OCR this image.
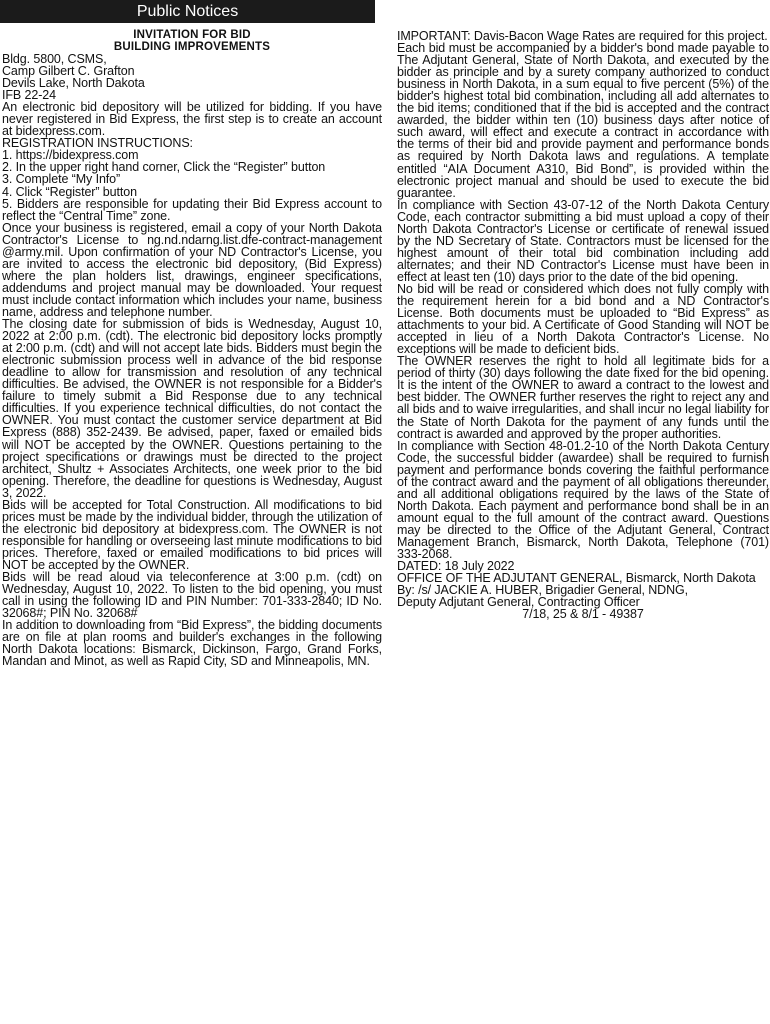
Public Notices
INVITATION FOR BID
BUILDING IMPROVEMENTS

Bldg. 5800, CSMS,

Camp Gilbert C. Grafton

Devils Lake, North Dakota

IFB 22-24

An electronic bid depository will be utilized for bidding. If you have never registered in Bid Express, the first step is to create an account at bidexpress.com.

REGISTRATION INSTRUCTIONS:

1. https://bidexpress.com

2. In the upper right hand corner, Click the “Register” button

3. Complete “My Info”

4. Click “Register” button

5. Bidders are responsible for updating their Bid Express account to reflect the “Central Time” zone.

Once your business is registered, email a copy of your North Dakota Contractor's License to ng.nd.ndarng.list.dfe-contract-management @army.mil. Upon confirmation of your ND Contractor's License, you are invited to access the electronic bid depository, (Bid Express) where the plan holders list, drawings, engineer specifications, addendums and project manual may be downloaded. Your request must include contact information which includes your name, business name, address and telephone number.

The closing date for submission of bids is Wednesday, August 10, 2022 at 2:00 p.m. (cdt). The electronic bid depository locks promptly at 2:00 p.m. (cdt) and will not accept late bids. Bidders must begin the electronic submission process well in advance of the bid response deadline to allow for transmission and resolution of any technical difficulties. Be advised, the OWNER is not responsible for a Bidder's failure to timely submit a Bid Response due to any technical difficulties. If you experience technical difficulties, do not contact the OWNER. You must contact the customer service department at Bid Express (888) 352-2439. Be advised, paper, faxed or emailed bids will NOT be accepted by the OWNER. Questions pertaining to the project specifications or drawings must be directed to the project architect, Shultz + Associates Architects, one week prior to the bid opening. Therefore, the deadline for questions is Wednesday, August 3, 2022.

Bids will be accepted for Total Construction. All modifications to bid prices must be made by the individual bidder, through the utilization of the electronic bid depository at bidexpress.com. The OWNER is not responsible for handling or overseeing last minute modifications to bid prices. Therefore, faxed or emailed modifications to bid prices will NOT be accepted by the OWNER.

Bids will be read aloud via teleconference at 3:00 p.m. (cdt) on Wednesday, August 10, 2022. To listen to the bid opening, you must call in using the following ID and PIN Number: 701-333-2840; ID No. 32068#; PIN No. 32068#

In addition to downloading from “Bid Express”, the bidding documents are on file at plan rooms and builder's exchanges in the following North Dakota locations: Bismarck, Dickinson, Fargo, Grand Forks, Mandan and Minot, as well as Rapid City, SD and Minneapolis, MN.

IMPORTANT: Davis-Bacon Wage Rates are required for this project.

Each bid must be accompanied by a bidder's bond made payable to The Adjutant General, State of North Dakota, and executed by the bidder as principle and by a surety company authorized to conduct business in North Dakota, in a sum equal to five percent (5%) of the bidder's highest total bid combination, including all add alternates to the bid items; conditioned that if the bid is accepted and the contract awarded, the bidder within ten (10) business days after notice of such award, will effect and execute a contract in accordance with the terms of their bid and provide payment and performance bonds as required by North Dakota laws and regulations. A template entitled “AIA Document A310, Bid Bond”, is provided within the electronic project manual and should be used to execute the bid guarantee.

In compliance with Section 43-07-12 of the North Dakota Century Code, each contractor submitting a bid must upload a copy of their North Dakota Contractor's License or certificate of renewal issued by the ND Secretary of State. Contractors must be licensed for the highest amount of their total bid combination including add alternates; and their ND Contractor's License must have been in effect at least ten (10) days prior to the date of the bid opening.

No bid will be read or considered which does not fully comply with the requirement herein for a bid bond and a ND Contractor's License. Both documents must be uploaded to “Bid Express” as attachments to your bid. A Certificate of Good Standing will NOT be accepted in lieu of a North Dakota Contractor's License. No exceptions will be made to deficient bids.

The OWNER reserves the right to hold all legitimate bids for a period of thirty (30) days following the date fixed for the bid opening. It is the intent of the OWNER to award a contract to the lowest and best bidder. The OWNER further reserves the right to reject any and all bids and to waive irregularities, and shall incur no legal liability for the State of North Dakota for the payment of any funds until the contract is awarded and approved by the proper authorities.

In compliance with Section 48-01.2-10 of the North Dakota Century Code, the successful bidder (awardee) shall be required to furnish payment and performance bonds covering the faithful performance of the contract award and the payment of all obligations thereunder, and all additional obligations required by the laws of the State of North Dakota. Each payment and performance bond shall be in an amount equal to the full amount of the contract award. Questions may be directed to the Office of the Adjutant General, Contract Management Branch, Bismarck, North Dakota, Telephone (701) 333-2068.

DATED: 18 July 2022

OFFICE OF THE ADJUTANT GENERAL, Bismarck, North Dakota

By: /s/ JACKIE A. HUBER, Brigadier General, NDNG,

Deputy Adjutant General, Contracting Officer

7/18, 25 & 8/1 - 49387
